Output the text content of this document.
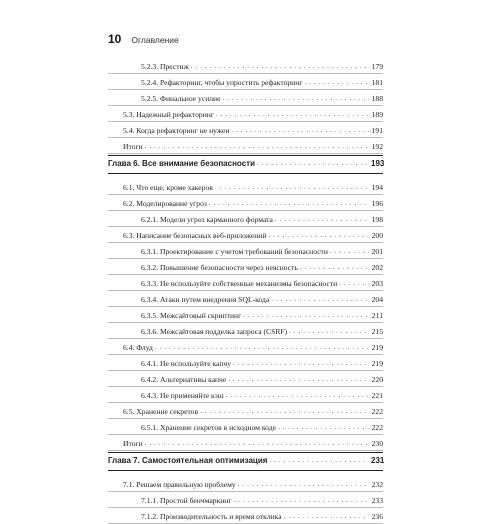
10 Оглавление
5.2.3. Престиж . . .	179
5.2.4. Рефакторинг, чтобы упростить рефакторинг . . .	181
5.2.5. Финальное усилие . . .	188
5.3. Надежный рефакторинг . . .	189
5.4. Когда рефакторинг не нужен . . .	191
Итоги . . .	192
Глава 6. Все внимание безопасности . . .	193
6.1. Что еще, кроме хакеров . . .	194
6.2. Моделирование угроз . . .	196
6.2.1. Модели угроз карманного формата . . .	198
6.3. Написание безопасных веб-приложений . . .	200
6.3.1. Проектирование с учетом требований безопасности . . .	201
6.3.2. Повышение безопасности через неясность . . .	202
6.3.3. Не используйте собственные механизмы безопасности . . .	203
6.3.4. Атаки путем внедрения SQL-кода . . .	204
6.3.5. Межсайтовый скриптинг . . .	211
6.3.6. Межсайтовая подделка запроса (CSRF) . . .	215
6.4. Флуд . . .	219
6.4.1. Не используйте капчу . . .	219
6.4.2. Альтернативы капче . . .	220
6.4.3. Не применяйте кэш . . .	221
6.5. Хранение секретов . . .	222
6.5.1. Хранение секретов в исходном коде . . .	222
Итоги . . .	230
Глава 7. Самостоятельная оптимизация . . .	231
7.1. Решаем правильную проблему . . .	232
7.1.1. Простой бенчмаркинг . . .	233
7.1.2. Производительность и время отклика . . .	236
